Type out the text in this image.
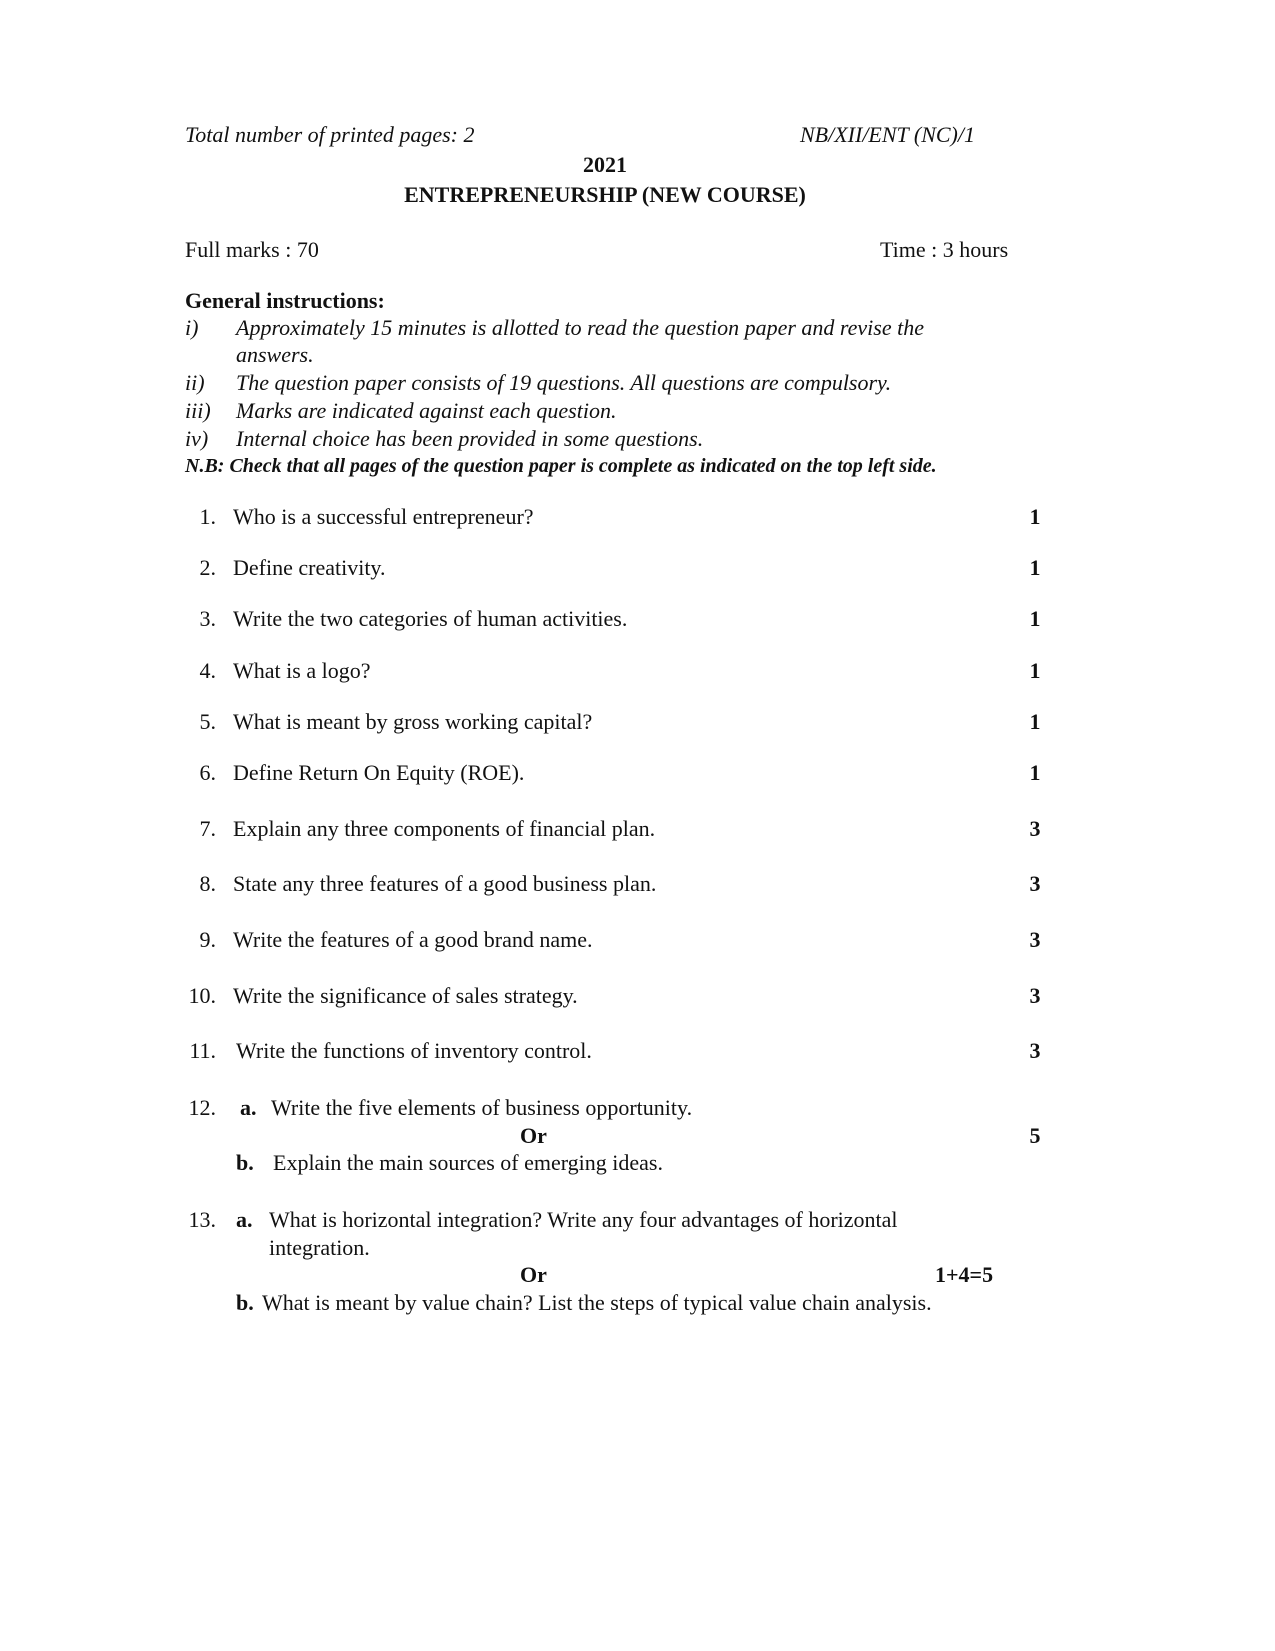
Total number of printed pages: 2	NB/XII/ENT (NC)/1
2021
ENTREPRENEURSHIP (NEW COURSE)
Full marks : 70	Time : 3 hours
General instructions:
i) Approximately 15 minutes is allotted to read the question paper and revise the
answers.
ii) The question paper consists of 19 questions. All questions are compulsory.
iii) Marks are indicated against each question.
iv) Internal choice has been provided in some questions.
N.B: Check that all pages of the question paper is complete as indicated on the top left side.
1. Who is a successful entrepreneur?	1
2. Define creativity.	1
3. Write the two categories of human activities.	1
4. What is a logo?	1
5. What is meant by gross working capital?	1
6. Define Return On Equity (ROE).	1
7. Explain any three components of financial plan.	3
8. State any three features of a good business plan.	3
9. Write the features of a good brand name.	3
10. Write the significance of sales strategy.	3
11. Write the functions of inventory control.	3
12. a. Write the five elements of business opportunity.
Or	5
b. Explain the main sources of emerging ideas.
13. a. What is horizontal integration? Write any four advantages of horizontal
integration.
Or	1+4=5
b. What is meant by value chain? List the steps of typical value chain analysis.
